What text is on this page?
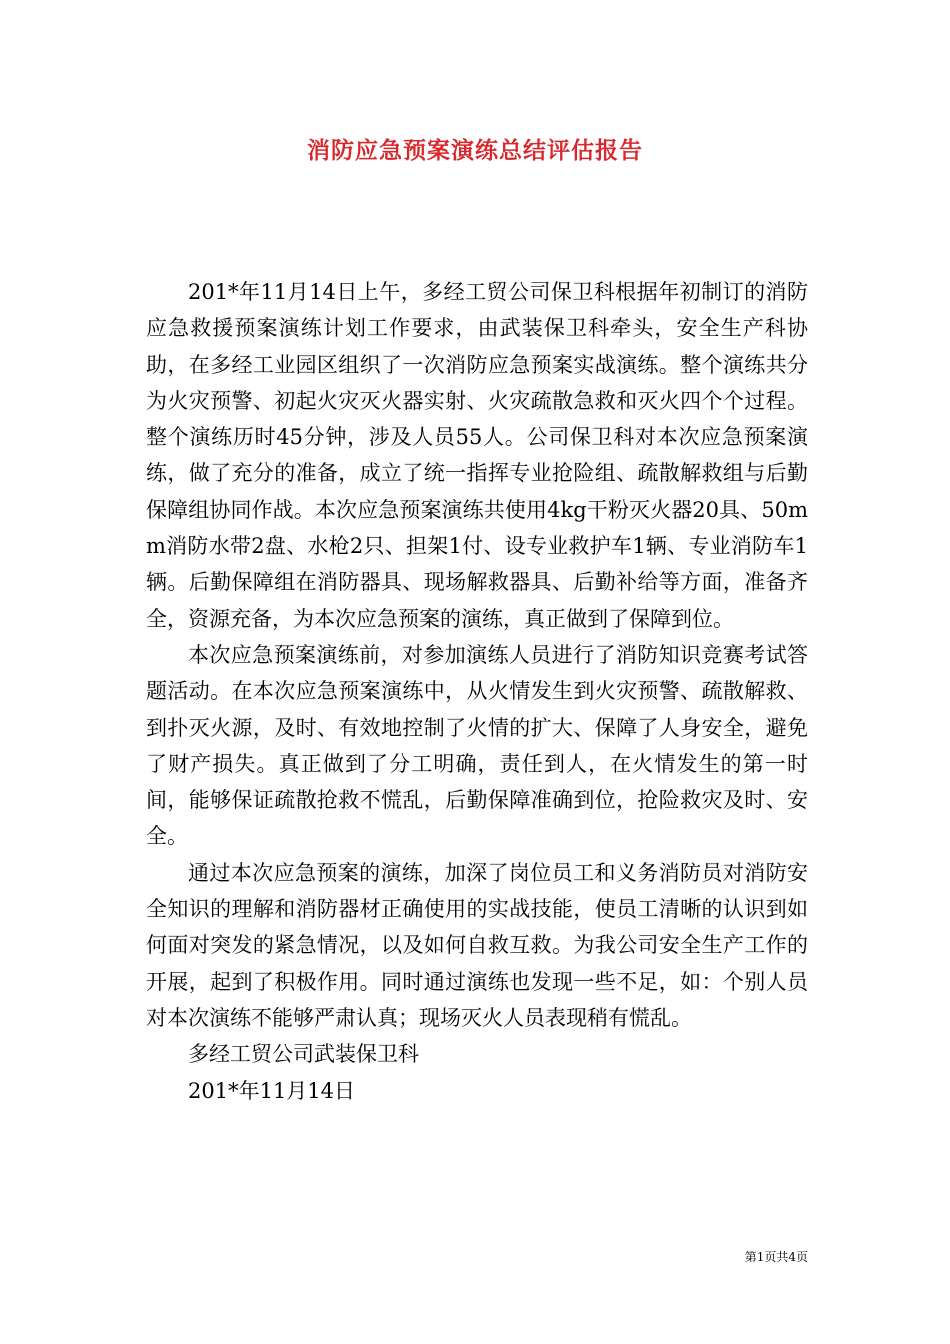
消防应急预案演练总结评估报告

201*年11月14日上午，多经工贸公司保卫科根据年初制订的消防应急救援预案演练计划工作要求，由武装保卫科牵头，安全生产科协助，在多经工业园区组织了一次消防应急预案实战演练。整个演练共分为火灾预警、初起火灾灭火器实射、火灾疏散急救和灭火四个个过程。整个演练历时45分钟，涉及人员55人。公司保卫科对本次应急预案演练，做了充分的准备，成立了统一指挥专业抢险组、疏散解救组与后勤保障组协同作战。本次应急预案演练共使用4kg干粉灭火器20具、50mm消防水带2盘、水枪2只、担架1付、设专业救护车1辆、专业消防车1辆。后勤保障组在消防器具、现场解救器具、后勤补给等方面，准备齐全，资源充备，为本次应急预案的演练，真正做到了保障到位。

本次应急预案演练前，对参加演练人员进行了消防知识竞赛考试答题活动。在本次应急预案演练中，从火情发生到火灾预警、疏散解救、到扑灭火源，及时、有效地控制了火情的扩大、保障了人身安全，避免了财产损失。真正做到了分工明确，责任到人，在火情发生的第一时间，能够保证疏散抢救不慌乱，后勤保障准确到位，抢险救灾及时、安全。

通过本次应急预案的演练，加深了岗位员工和义务消防员对消防安全知识的理解和消防器材正确使用的实战技能，使员工清晰的认识到如何面对突发的紧急情况，以及如何自救互救。为我公司安全生产工作的开展，起到了积极作用。同时通过演练也发现一些不足，如：个别人员对本次演练不能够严肃认真；现场灭火人员表现稍有慌乱。

多经工贸公司武装保卫科

201*年11月14日

第1页共4页
